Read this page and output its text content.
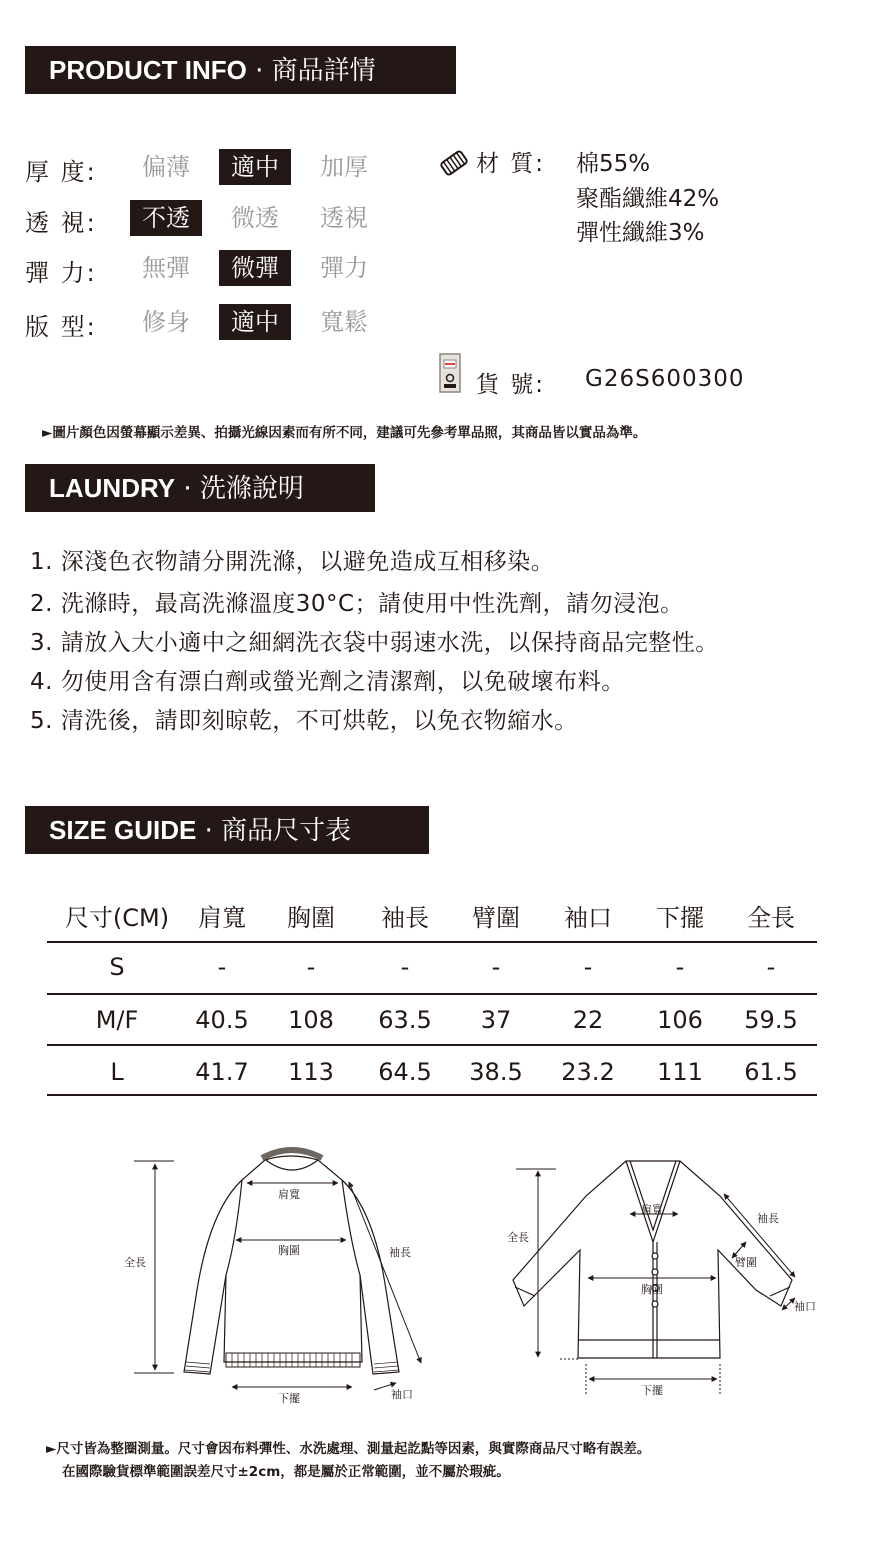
PRODUCT INFO · 商品詳情
厚 度:	偏薄	適中	加厚
透 視:	不透	微透	透視
彈 力:	無彈	微彈	彈力
版 型:	修身	適中	寬鬆
材 質: 棉55%
聚酯纖維42%
彈性纖維3%
貨 號: G26S600300
►圖片顏色因螢幕顯示差異、拍攝光線因素而有所不同，建議可先參考單品照，其商品皆以實品為準。
LAUNDRY · 洗滌說明
1. 深淺色衣物請分開洗滌，以避免造成互相移染。
2. 洗滌時，最高洗滌溫度30°C；請使用中性洗劑，請勿浸泡。
3. 請放入大小適中之細網洗衣袋中弱速水洗，以保持商品完整性。
4. 勿使用含有漂白劑或螢光劑之清潔劑，以免破壞布料。
5. 清洗後，請即刻晾乾，不可烘乾，以免衣物縮水。
SIZE GUIDE · 商品尺寸表
尺寸(CM)	肩寬	胸圍	袖長	臂圍	袖口	下擺	全長
S	-	-	-	-	-	-	-
M/F	40.5	108	63.5	37	22	106	59.5
L	41.7	113	64.5	38.5	23.2	111	61.5
肩寬
胸圍	袖長
全長
下擺	袖口
肩寬
胸圍
袖長
臂圍
袖口
全長
下擺
►尺寸皆為整圈測量。尺寸會因布料彈性、水洗處理、測量起訖點等因素，與實際商品尺寸略有誤差。
在國際驗貨標準範圍誤差尺寸±2cm，都是屬於正常範圍，並不屬於瑕疵。
